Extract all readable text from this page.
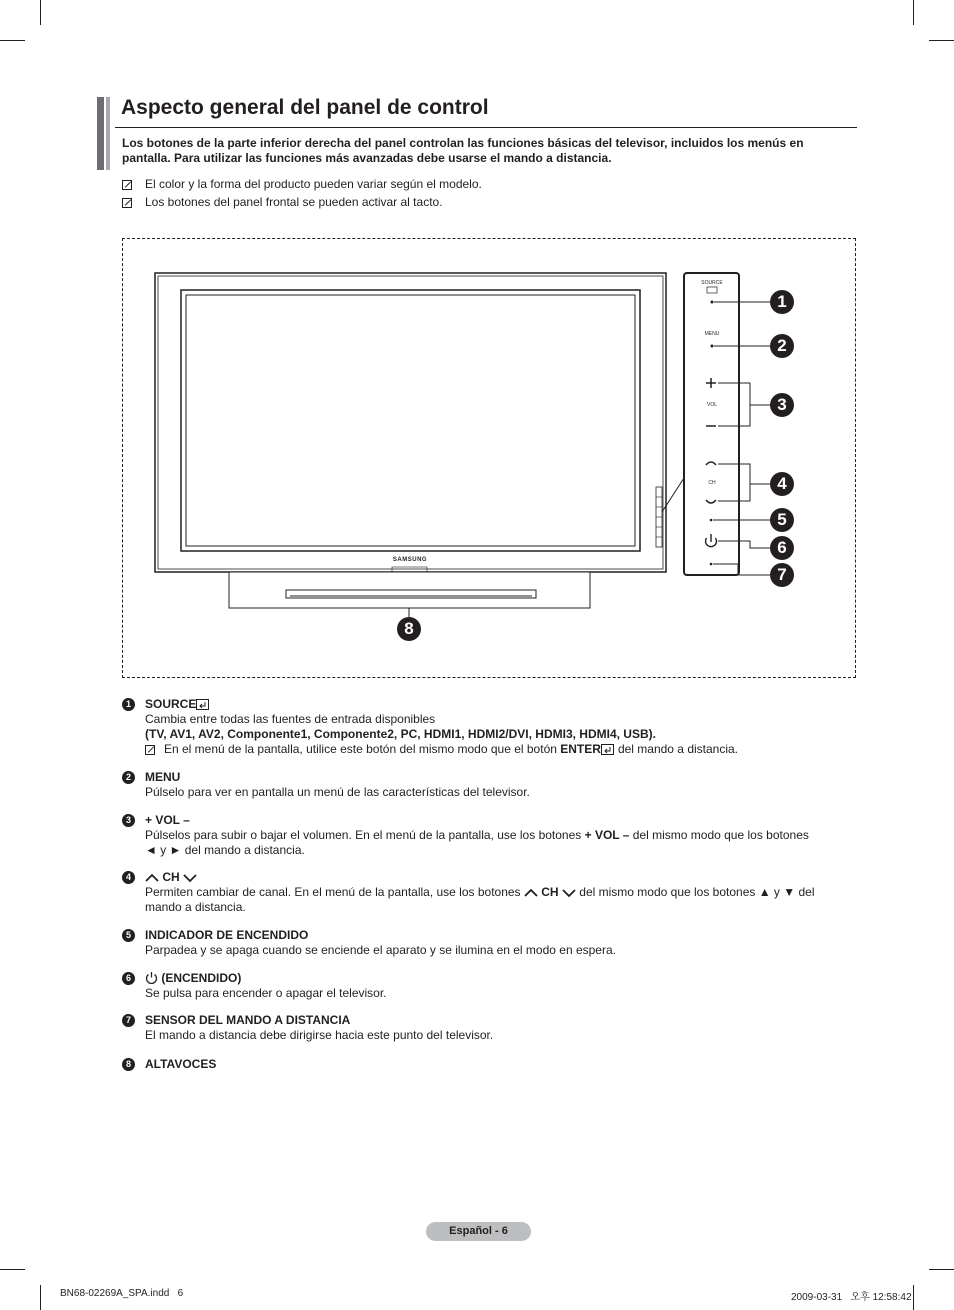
Aspecto general del panel de control
Los botones de la parte inferior derecha del panel controlan las funciones básicas del televisor, incluidos los menús en pantalla. Para utilizar las funciones más avanzadas debe usarse el mando a distancia.
El color y la forma del producto pueden variar según el modelo.
Los botones del panel frontal se pueden activar al tacto.
SAMSUNG
SOURCE
MENU
VOL
CH
1
2
3
4
5
6
7
8
1	SOURCE
Cambia entre todas las fuentes de entrada disponibles
(TV, AV1, AV2, Componente1, Componente2, PC, HDMI1, HDMI2/DVI, HDMI3, HDMI4, USB).
En el menú de la pantalla, utilice este botón del mismo modo que el botón
ENTER del mando a distancia.
2	MENU
Púlselo para ver en pantalla un menú de las características del televisor.
3	+ VOL –
Púlselos para subir o bajar el volumen. En el menú de la pantalla, use los botones + VOL – del mismo modo que los botones
◄ y ► del mando a distancia.
4	CH
Permiten cambiar de canal. En el menú de la pantalla, use los botones CH del mismo modo que los botones ▲ y ▼ del
mando a distancia.
5	INDICADOR DE ENCENDIDO
Parpadea y se apaga cuando se enciende el aparato y se ilumina en el modo en espera.
6	(ENCENDIDO)
Se pulsa para encender o apagar el televisor.
7	SENSOR DEL MANDO A DISTANCIA
El mando a distancia debe dirigirse hacia este punto del televisor.
8	ALTAVOCES
Español - 6
BN68-02269A_SPA.indd   6	2009-03-31   오후 12:58:42
